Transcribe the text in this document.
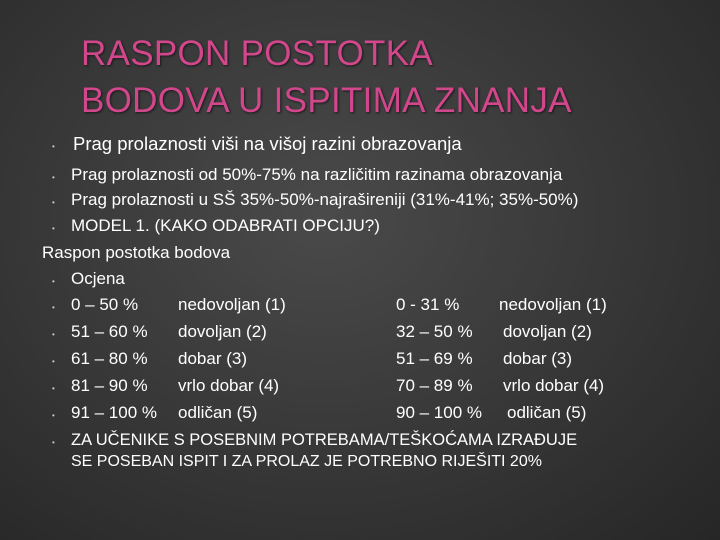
RASPON POSTOTKA
BODOVA U ISPITIMA ZNANJA
• Prag prolaznosti viši na višoj razini obrazovanja
• Prag prolaznosti od 50%-75% na različitim razinama obrazovanja
• Prag prolaznosti u SŠ 35%-50%-najrašireniji (31%-41%; 35%-50%)
• MODEL 1. (KAKO ODABRATI OPCIJU?)
Raspon postotka bodova
• Ocjena
• 0 – 50 % nedovoljan (1)	0 - 31 % nedovoljan (1)
• 51 – 60 % dovoljan (2)	32 – 50 % dovoljan (2)
• 61 – 80 % dobar (3)	51 – 69 % dobar (3)
• 81 – 90 % vrlo dobar (4)	70 – 89 % vrlo dobar (4)
• 91 – 100 % odličan (5)	90 – 100 % odličan (5)
• ZA UČENIKE S POSEBNIM POTREBAMA/TEŠKOĆAMA IZRAĐUJE
SE POSEBAN ISPIT I ZA PROLAZ JE POTREBNO RIJEŠITI 20%
